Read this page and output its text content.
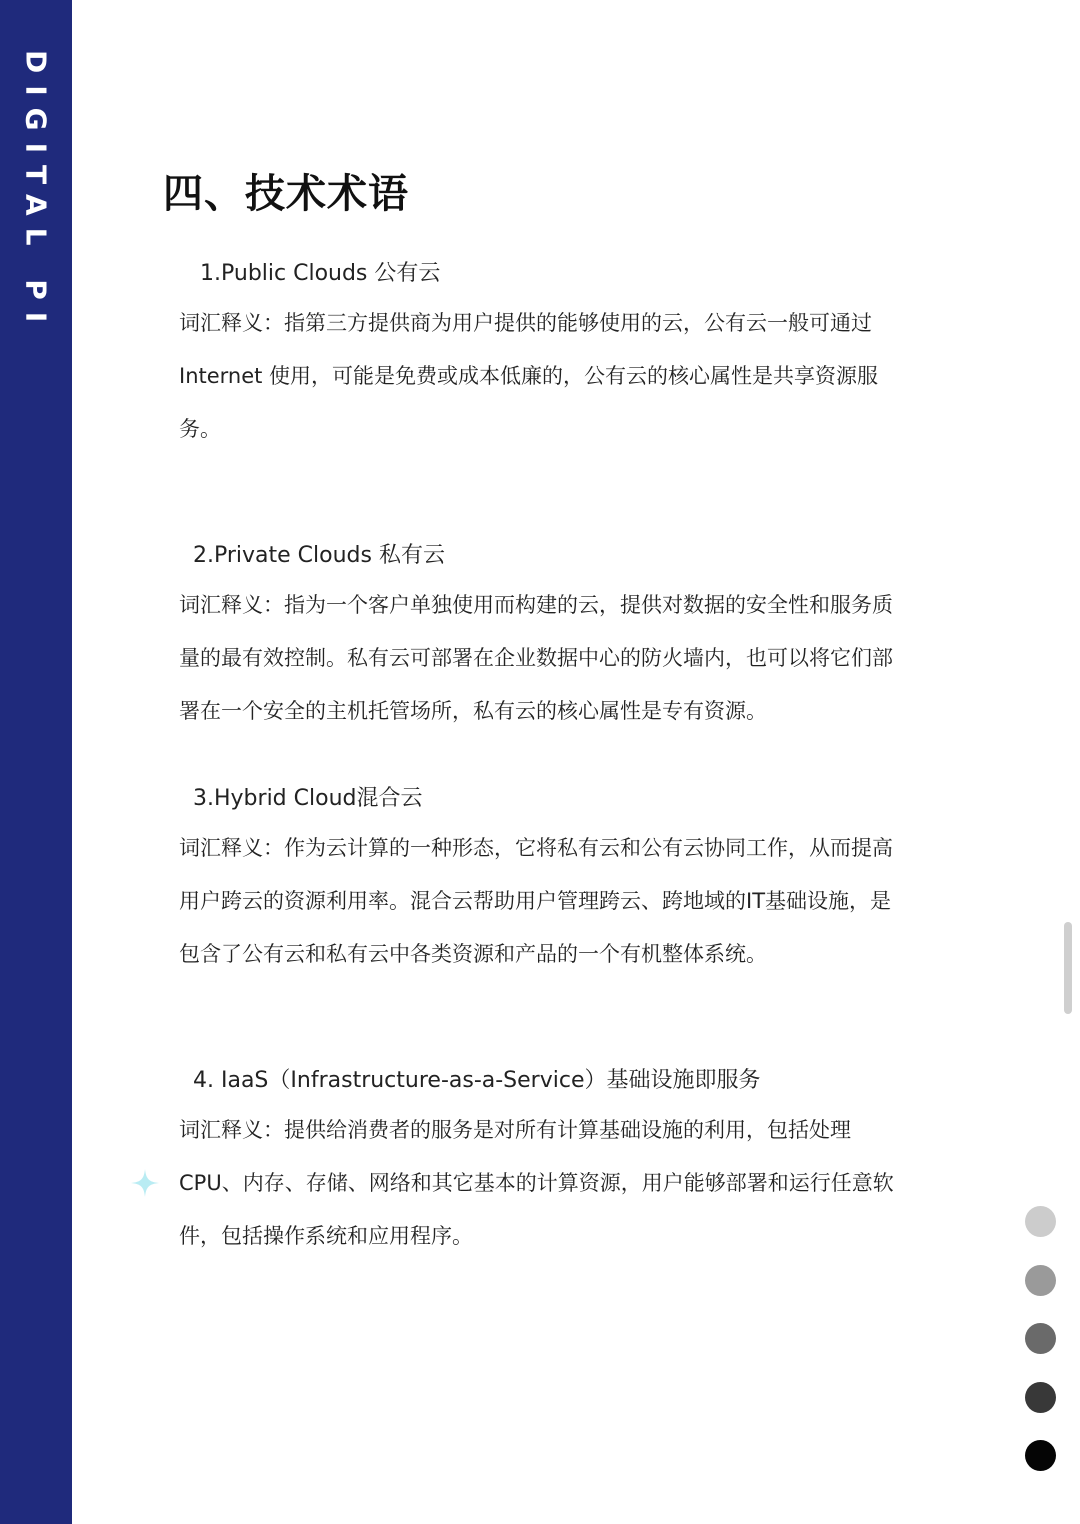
DIGITAL PI	四、技术术语
1.Public Clouds 公有云
词汇释义：指第三方提供商为用户提供的能够使用的云，公有云一般可通过
Internet 使用，可能是免费或成本低廉的，公有云的核心属性是共享资源服
务。
2.Private Clouds 私有云
词汇释义：指为一个客户单独使用而构建的云，提供对数据的安全性和服务质
量的最有效控制。私有云可部署在企业数据中心的防火墙内，也可以将它们部
署在一个安全的主机托管场所，私有云的核心属性是专有资源。
3.Hybrid Cloud混合云
词汇释义：作为云计算的一种形态，它将私有云和公有云协同工作，从而提高
用户跨云的资源利用率。混合云帮助用户管理跨云、跨地域的IT基础设施，是
包含了公有云和私有云中各类资源和产品的一个有机整体系统。
4. IaaS（Infrastructure-as-a-Service）基础设施即服务
词汇释义：提供给消费者的服务是对所有计算基础设施的利用，包括处理
CPU、内存、存储、网络和其它基本的计算资源，用户能够部署和运行任意软
件，包括操作系统和应用程序。
